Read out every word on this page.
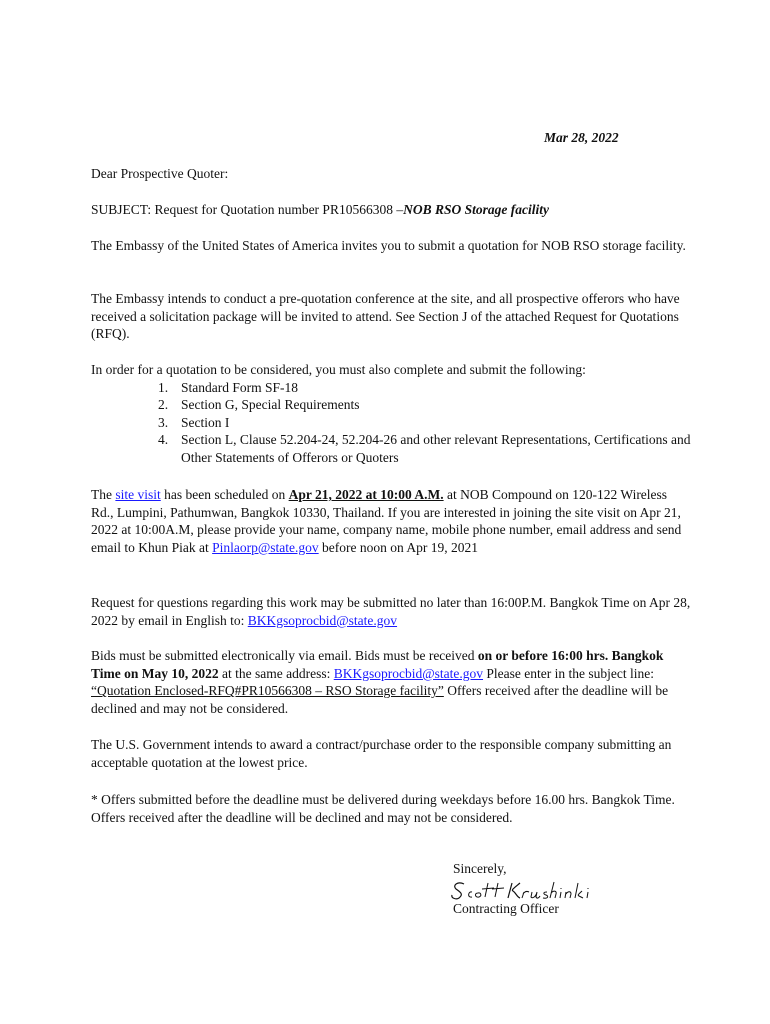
Mar 28, 2022
Dear Prospective Quoter:
SUBJECT: Request for Quotation number PR10566308 –NOB RSO Storage facility

The Embassy of the United States of America invites you to submit a quotation for NOB RSO storage facility.

The Embassy intends to conduct a pre-quotation conference at the site, and all prospective offerors who have received a solicitation package will be invited to attend. See Section J of the attached Request for Quotations (RFQ).

In order for a quotation to be considered, you must also complete and submit the following:

1. Standard Form SF-18
2. Section G, Special Requirements
3. Section I
4. Section L, Clause 52.204-24, 52.204-26 and other relevant Representations, Certifications and Other Statements of Offerors or Quoters

The site visit has been scheduled on Apr 21, 2022 at 10:00 A.M. at NOB Compound on 120-122 Wireless Rd., Lumpini, Pathumwan, Bangkok 10330, Thailand. If you are interested in joining the site visit on Apr 21, 2022 at 10:00A.M, please provide your name, company name, mobile phone number, email address and send email to Khun Piak at Pinlaorp@state.gov before noon on Apr 19, 2021

Request for questions regarding this work may be submitted no later than 16:00P.M. Bangkok Time on Apr 28, 2022 by email in English to: BKKgsoprocbid@state.gov

Bids must be submitted electronically via email. Bids must be received on or before 16:00 hrs. Bangkok Time on May 10, 2022 at the same address: BKKgsoprocbid@state.gov Please enter in the subject line: “Quotation Enclosed-RFQ#PR10566308 – RSO Storage facility” Offers received after the deadline will be declined and may not be considered.

The U.S. Government intends to award a contract/purchase order to the responsible company submitting an acceptable quotation at the lowest price.

* Offers submitted before the deadline must be delivered during weekdays before 16.00 hrs. Bangkok Time. Offers received after the deadline will be declined and may not be considered.

Sincerely,
Contracting Officer
